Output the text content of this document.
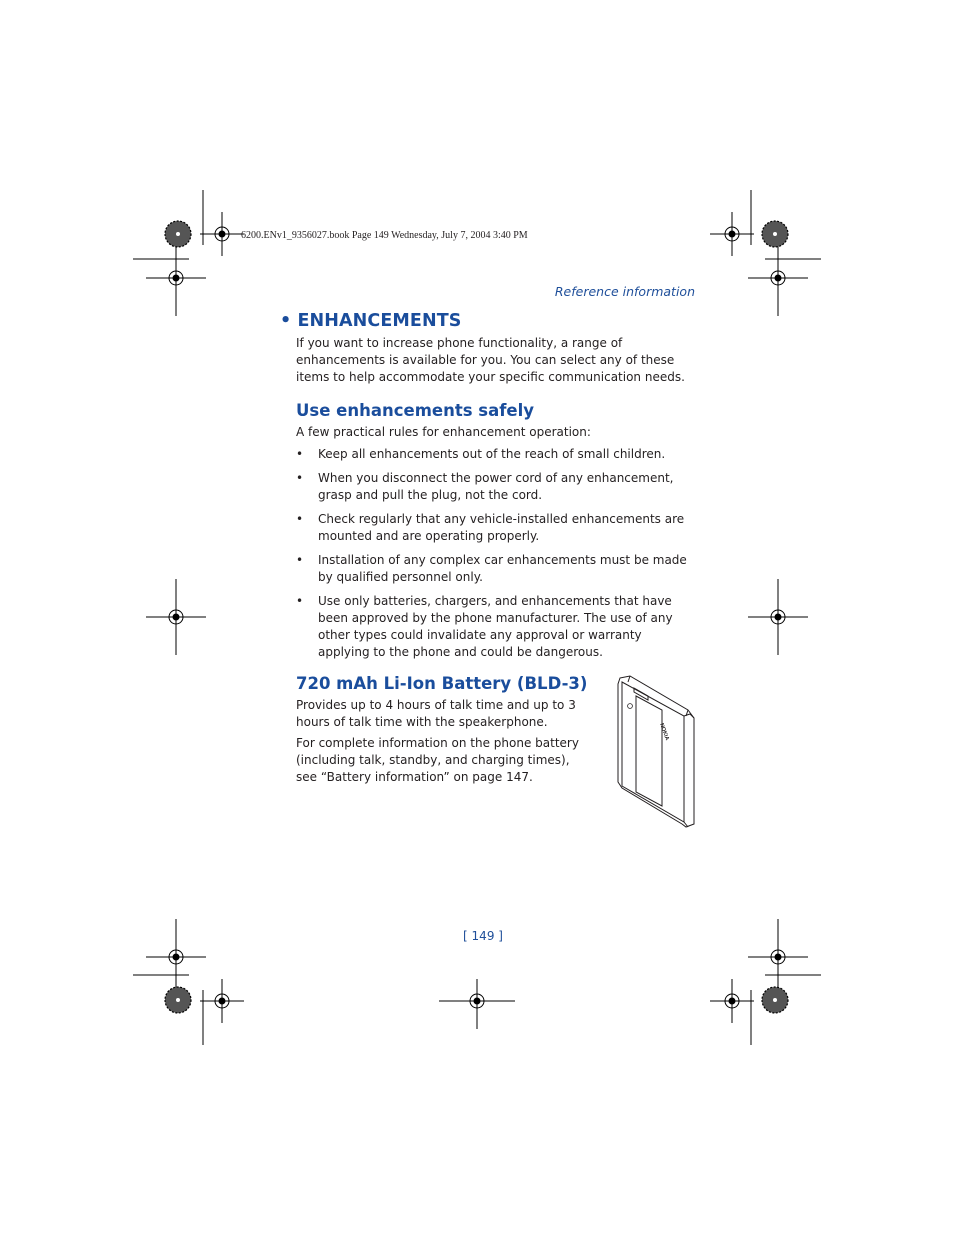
6200.ENv1_9356027.book Page 149 Wednesday, July 7, 2004 3:40 PM
Reference information
• ENHANCEMENTS
If you want to increase phone functionality, a range of enhancements is available for you. You can select any of these items to help accommodate your specific communication needs.
Use enhancements safely
A few practical rules for enhancement operation:
• Keep all enhancements out of the reach of small children.
• When you disconnect the power cord of any enhancement, grasp and pull the plug, not the cord.
• Check regularly that any vehicle-installed enhancements are mounted and are operating properly.
• Installation of any complex car enhancements must be made by qualified personnel only.
• Use only batteries, chargers, and enhancements that have been approved by the phone manufacturer. The use of any other types could invalidate any approval or warranty applying to the phone and could be dangerous.
720 mAh Li-Ion Battery (BLD-3)
Provides up to 4 hours of talk time and up to 3 hours of talk time with the speakerphone.
For complete information on the phone battery (including talk, standby, and charging times), see “Battery information” on page 147.
NOKIA
[ 149 ]
